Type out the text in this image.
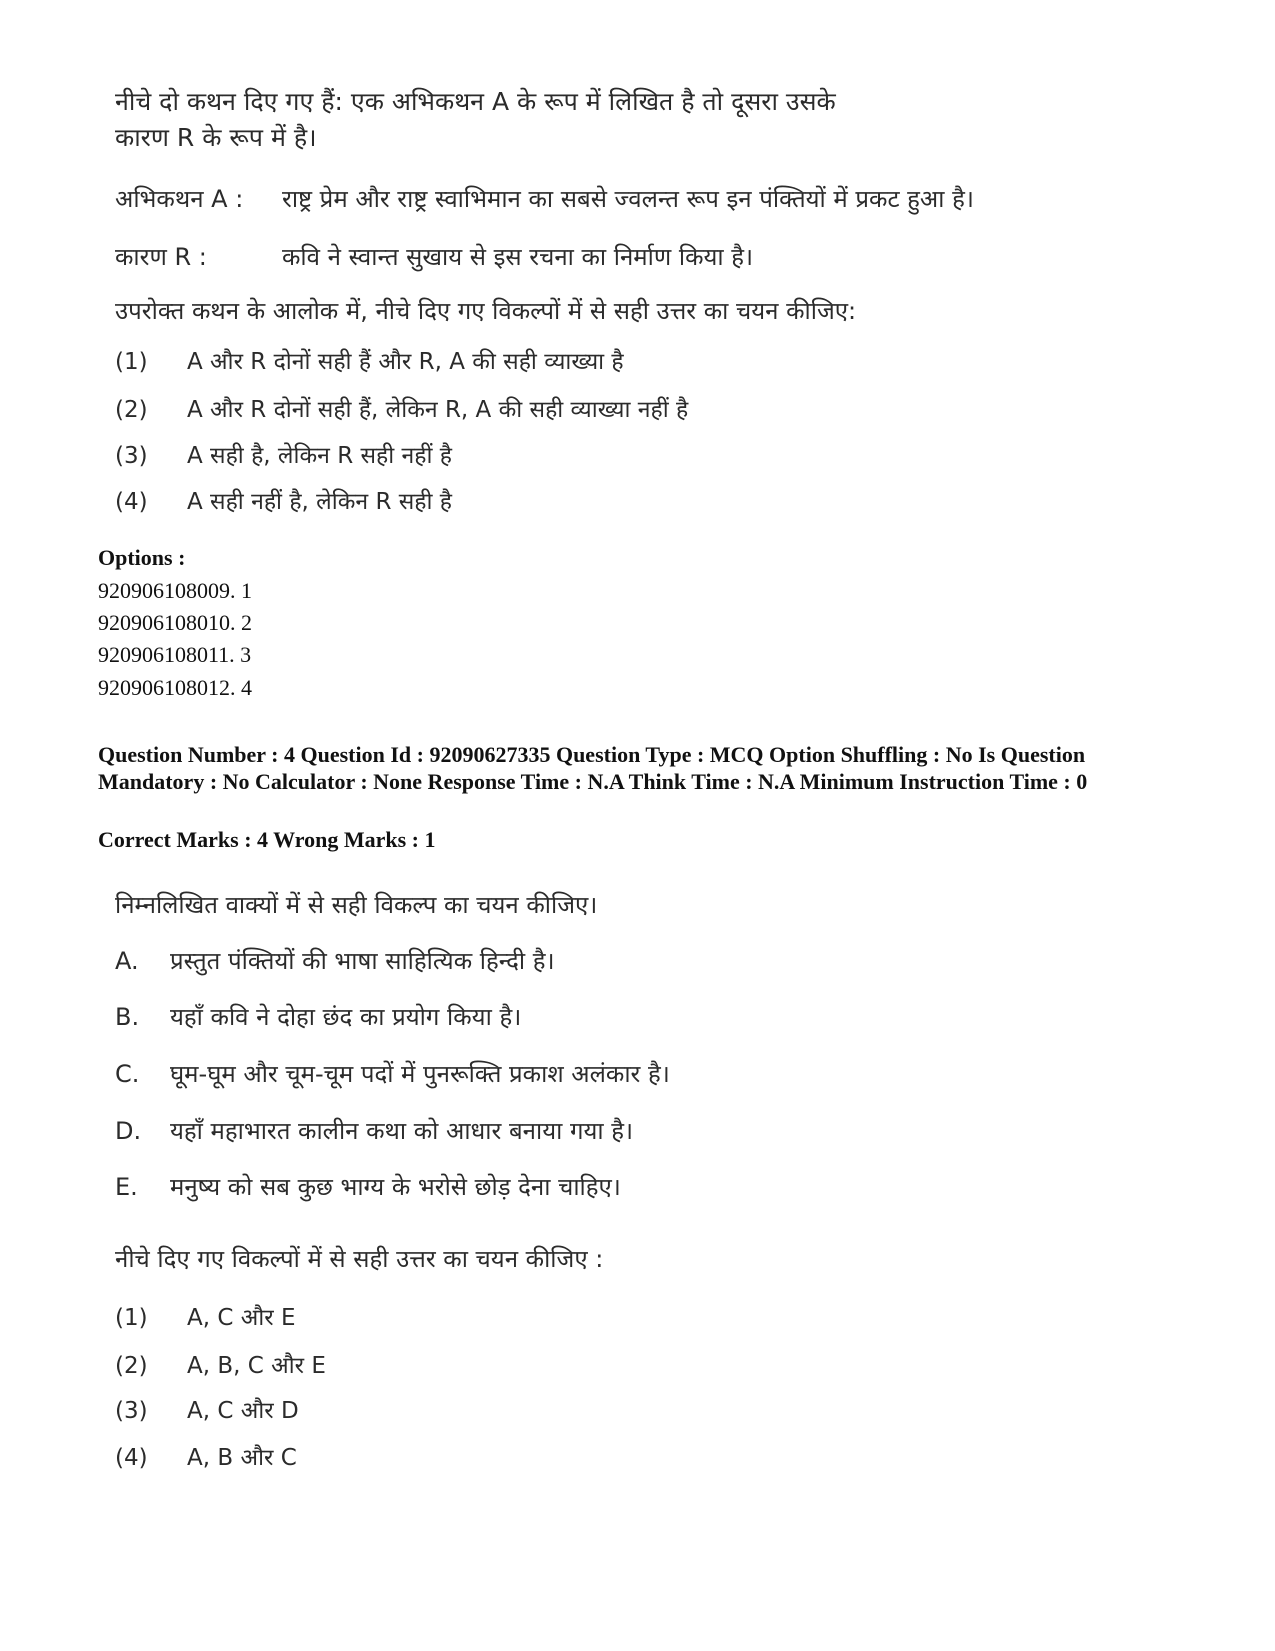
नीचे दो कथन दिए गए हैं: एक अभिकथन A के रूप में लिखित है तो दूसरा उसके
कारण R के रूप में है।
अभिकथन A : राष्ट्र प्रेम और राष्ट्र स्वाभिमान का सबसे ज्वलन्त रूप इन पंक्तियों में प्रकट हुआ है।
कारण R :	कवि ने स्वान्त सुखाय से इस रचना का निर्माण किया है।
उपरोक्त कथन के आलोक में, नीचे दिए गए विकल्पों में से सही उत्तर का चयन कीजिए:
(1) A और R दोनों सही हैं और R, A की सही व्याख्या है
(2) A और R दोनों सही हैं, लेकिन R, A की सही व्याख्या नहीं है
(3) A सही है, लेकिन R सही नहीं है
(4) A सही नहीं है, लेकिन R सही है
Options :
920906108009. 1
920906108010. 2
920906108011. 3
920906108012. 4
Question Number : 4 Question Id : 92090627335 Question Type : MCQ Option Shuffling : No Is Question Mandatory : No Calculator : None Response Time : N.A Think Time : N.A Minimum Instruction Time : 0
Correct Marks : 4 Wrong Marks : 1
निम्नलिखित वाक्यों में से सही विकल्प का चयन कीजिए।
A. प्रस्तुत पंक्तियों की भाषा साहित्यिक हिन्दी है।
B. यहाँ कवि ने दोहा छंद का प्रयोग किया है।
C. घूम-घूम और चूम-चूम पदों में पुनरूक्ति प्रकाश अलंकार है।
D. यहाँ महाभारत कालीन कथा को आधार बनाया गया है।
E. मनुष्य को सब कुछ भाग्य के भरोसे छोड़ देना चाहिए।
नीचे दिए गए विकल्पों में से सही उत्तर का चयन कीजिए :
(1) A, C और E
(2) A, B, C और E
(3) A, C और D
(4) A, B और C
